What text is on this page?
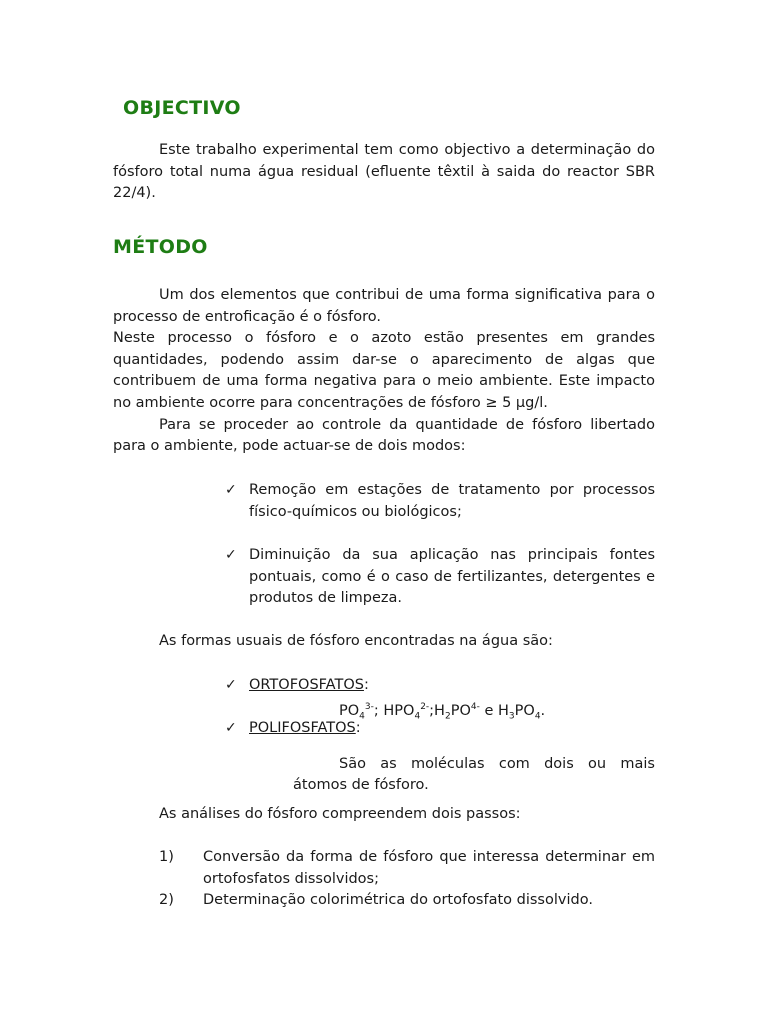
OBJECTIVO

Este trabalho experimental tem como objectivo a determinação do fósforo total numa água residual (efluente têxtil à saida do reactor SBR 22/4).

MÉTODO
Um dos elementos que contribui de uma forma significativa para o processo de entroficação é o fósforo.
Neste processo o fósforo e o azoto estão presentes em grandes quantidades, podendo assim dar-se o aparecimento de algas que contribuem de uma forma negativa para o meio ambiente. Este impacto no ambiente ocorre para concentrações de fósforo ≥ 5 μg/l.
Para se proceder ao controle da quantidade de fósforo libertado para o ambiente, pode actuar-se de dois modos:
✓ Remoção em estações de tratamento por processos físico-químicos ou biológicos;
✓ Diminuição da sua aplicação nas principais fontes pontuais, como é o caso de fertilizantes, detergentes e produtos de limpeza.

As formas usuais de fósforo encontradas na água são:

✓ ORTOFOSFATOS:
$PO_4^{3-}$; $HPO_4^{2-};H_2PO^{4-}$ e $H_3PO_4$.
✓ POLIFOSFATOS:

São as moléculas com dois ou mais átomos de fósforo.

As análises do fósforo compreendem dois passos:

1) Conversão da forma de fósforo que interessa determinar em ortofosfatos dissolvidos;
2) Determinação colorimétrica do ortofosfato dissolvido.
